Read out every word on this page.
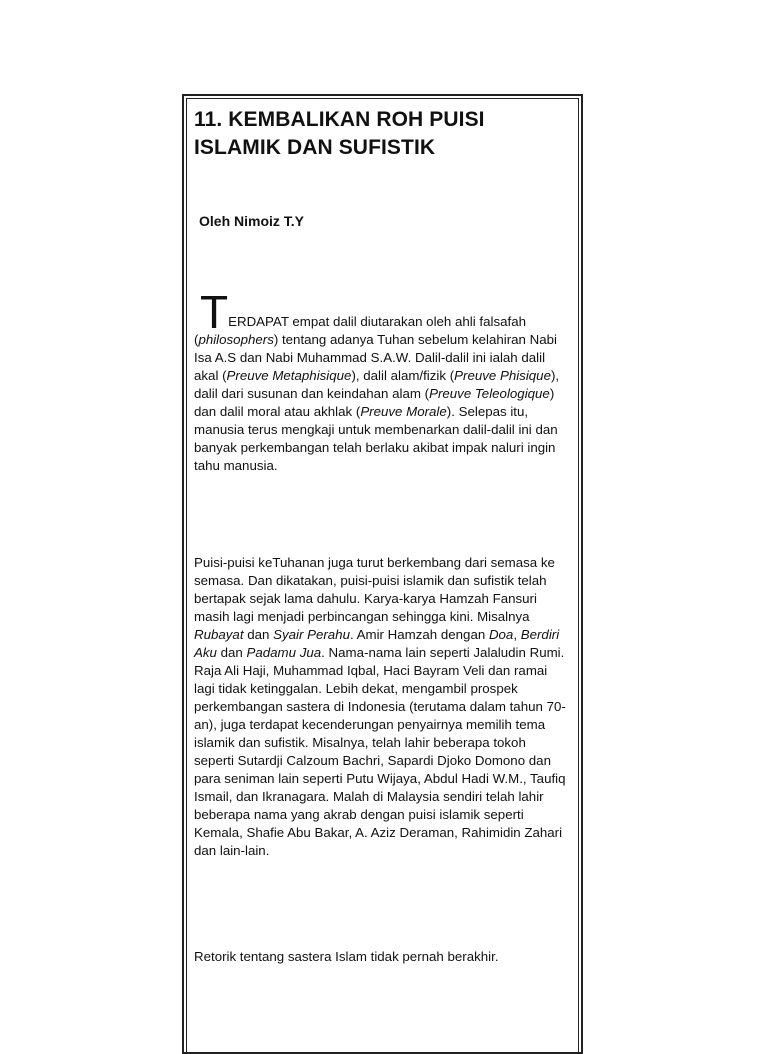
11. KEMBALIKAN ROH PUISI ISLAMIK DAN SUFISTIK

Oleh Nimoiz T.Y

TERDAPAT empat dalil diutarakan oleh ahli falsafah (philosophers) tentang adanya Tuhan sebelum kelahiran Nabi Isa A.S dan Nabi Muhammad S.A.W. Dalil-dalil ini ialah dalil akal (Preuve Metaphisique), dalil alam/fizik (Preuve Phisique), dalil dari susunan dan keindahan alam (Preuve Teleologique) dan dalil moral atau akhlak (Preuve Morale). Selepas itu, manusia terus mengkaji untuk membenarkan dalil-dalil ini dan banyak perkembangan telah berlaku akibat impak naluri ingin tahu manusia.

Puisi-puisi keTuhanan juga turut berkembang dari semasa ke semasa. Dan dikatakan, puisi-puisi islamik dan sufistik telah bertapak sejak lama dahulu. Karya-karya Hamzah Fansuri masih lagi menjadi perbincangan sehingga kini. Misalnya Rubayat dan Syair Perahu. Amir Hamzah dengan Doa, Berdiri Aku dan Padamu Jua. Nama-nama lain seperti Jalaludin Rumi. Raja Ali Haji, Muhammad Iqbal, Haci Bayram Veli dan ramai lagi tidak ketinggalan. Lebih dekat, mengambil prospek perkembangan sastera di Indonesia (terutama dalam tahun 70-an), juga terdapat kecenderungan penyairnya memilih tema islamik dan sufistik. Misalnya, telah lahir beberapa tokoh seperti Sutardji Calzoum Bachri, Sapardi Djoko Domono dan para seniman lain seperti Putu Wijaya, Abdul Hadi W.M., Taufiq Ismail, dan Ikranagara. Malah di Malaysia sendiri telah lahir beberapa nama yang akrab dengan puisi islamik seperti Kemala, Shafie Abu Bakar, A. Aziz Deraman, Rahimidin Zahari dan lain-lain.

Retorik tentang sastera Islam tidak pernah berakhir.
